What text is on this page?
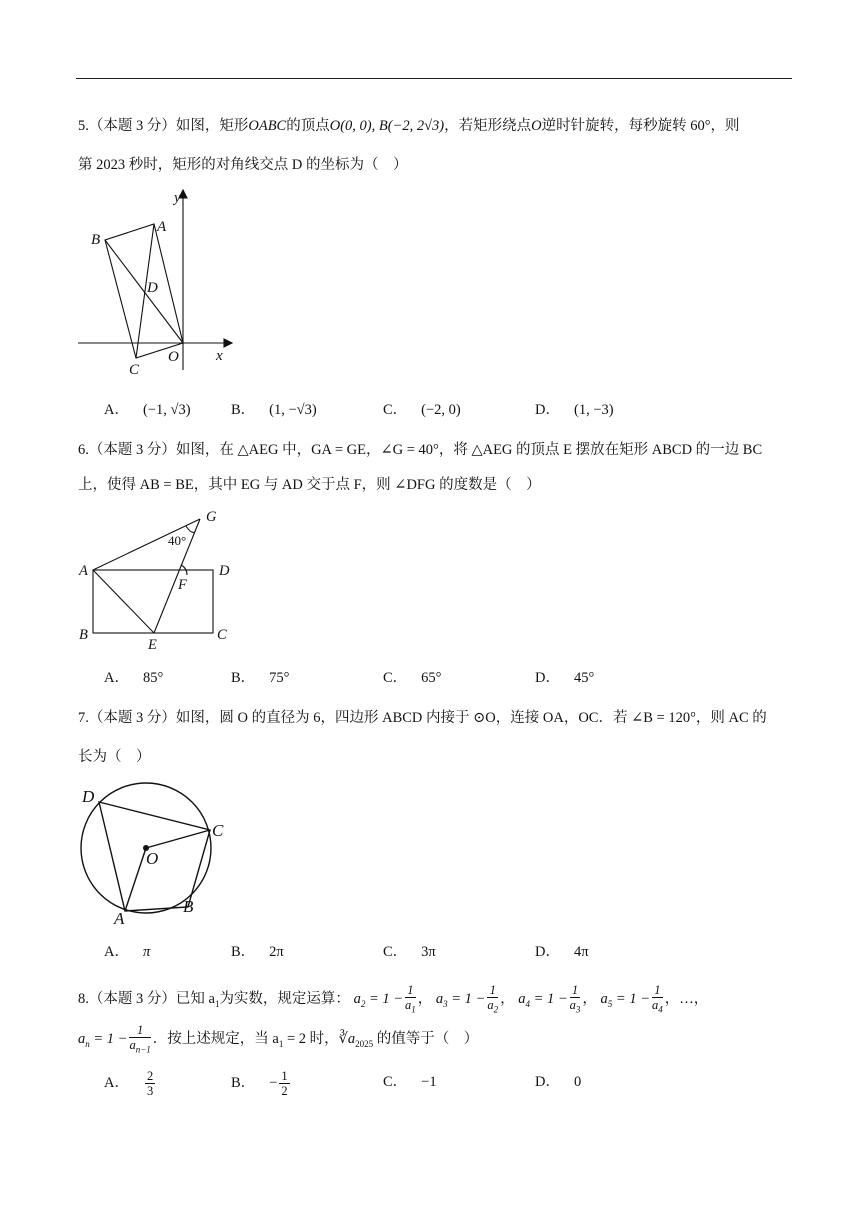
5.（本题 3 分）如图，矩形OABC的顶点O(0, 0), B(−2, 2√3)，若矩形绕点O逆时针旋转，每秒旋转 60°，则
第 2023 秒时，矩形的对角线交点 D 的坐标为（　）
y
x
A
B
C
D
O
A． (−1, √3)	B． (1, −√3)	C． (−2, 0)	D． (1, −3)
6.（本题 3 分）如图，在 △AEG 中，GA = GE，∠G = 40°，将 △AEG 的顶点 E 摆放在矩形 ABCD 的一边 BC
上，使得 AB = BE，其中 EG 与 AD 交于点 F，则 ∠DFG 的度数是（　）
G
A	D
F
B
E
C
40°
A． 85°	B． 75°	C． 65°	D． 45°
7.（本题 3 分）如图，圆 O 的直径为 6，四边形 ABCD 内接于 ⊙O，连接 OA，OC．若 ∠B = 120°，则 AC 的
长为（　）
D
C
O
A
B
A． π	B． 2π	C． 3π	D． 4π
8.（本题 3 分）已知 $a_1$为实数，规定运算： $a_2 = 1 - \frac{1}{a_1}$ ， $a_3 = 1 - \frac{1}{a_2}$ ， $a_4 = 1 - \frac{1}{a_3}$ ， $a_5 = 1 - \frac{1}{a_4}$ ，…，
$a_n = 1 - \frac{1}{a_{n-1}}$ ．按上述规定，当 $a_1 = 2$ 时，$∛a_{2025}$ 的值等于（　）
A． $\frac{2}{3}$	B． − $\frac{1}{2}$	C． −1	D． 0
